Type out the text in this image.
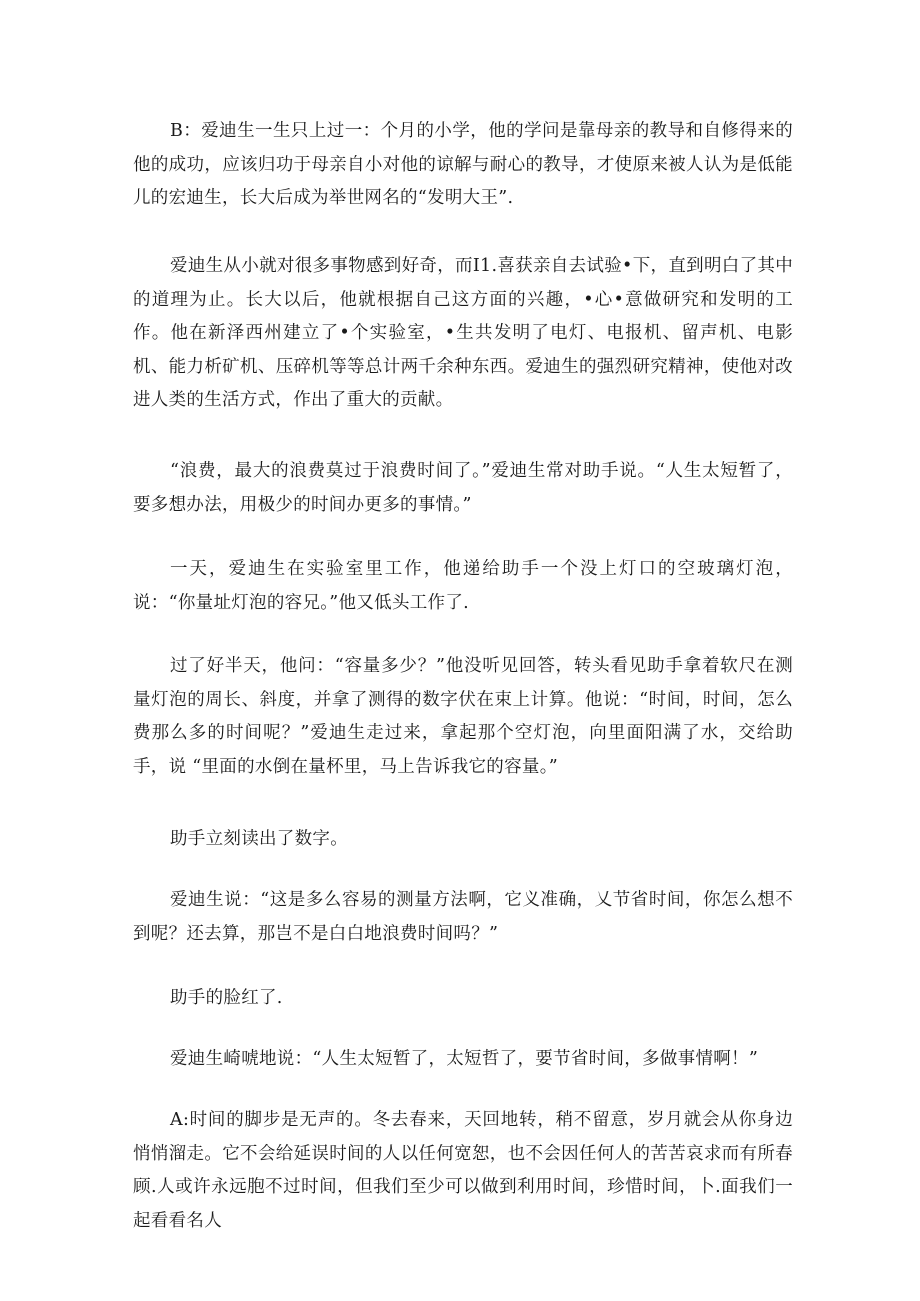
B：爱迪生一生只上过一：个月的小学，他的学问是靠母亲的教导和自修得来的他的成功，应该归功于母亲自小对他的谅解与耐心的教导，才使原来被人认为是低能儿的宏迪生，长大后成为举世网名的“发明大王”.

爱迪生从小就对很多事物感到好奇，而I1.喜获亲自去试验•下，直到明白了其中的道理为止。长大以后，他就根据自己这方面的兴趣，•心•意做研究和发明的工作。他在新泽西州建立了•个实验室，•生共发明了电灯、电报机、留声机、电影机、能力析矿机、压碎机等等总计两千余种东西。爱迪生的强烈研究精神，使他对改进人类的生活方式，作出了重大的贡献。

“浪费，最大的浪费莫过于浪费时间了。”爱迪生常对助手说。“人生太短暂了，要多想办法，用极少的时间办更多的事情。”

一天，爱迪生在实验室里工作，他递给助手一个没上灯口的空玻璃灯泡，说：“你量址灯泡的容兄。”他又低头工作了.

过了好半天，他问：“容量多少？”他没听见回答，转头看见助手拿着软尺在测量灯泡的周长、斜度，并拿了测得的数字伏在束上计算。他说：“时间，时间，怎么费那么多的时间呢？”爱迪生走过来，拿起那个空灯泡，向里面阳满了水，交给助手，说 “里面的水倒在量杯里，马上告诉我它的容量。”

助手立刻读出了数字。

爱迪生说：“这是多么容易的测量方法啊，它义准确，乂节省时间，你怎么想不到呢？还去算，那岂不是白白地浪费时间吗？”

助手的脸红了.

爱迪生崎唬地说：“人生太短暂了，太短哲了，要节省时间，多做事情啊！”

A:时间的脚步是无声的。冬去春来，天回地转，稍不留意，岁月就会从你身边悄悄溜走。它不会给延误时间的人以任何宽恕，也不会因任何人的苦苦哀求而有所春顾.人或许永远胞不过时间，但我们至少可以做到利用时间，珍惜时间，卜.面我们一起看看名人
